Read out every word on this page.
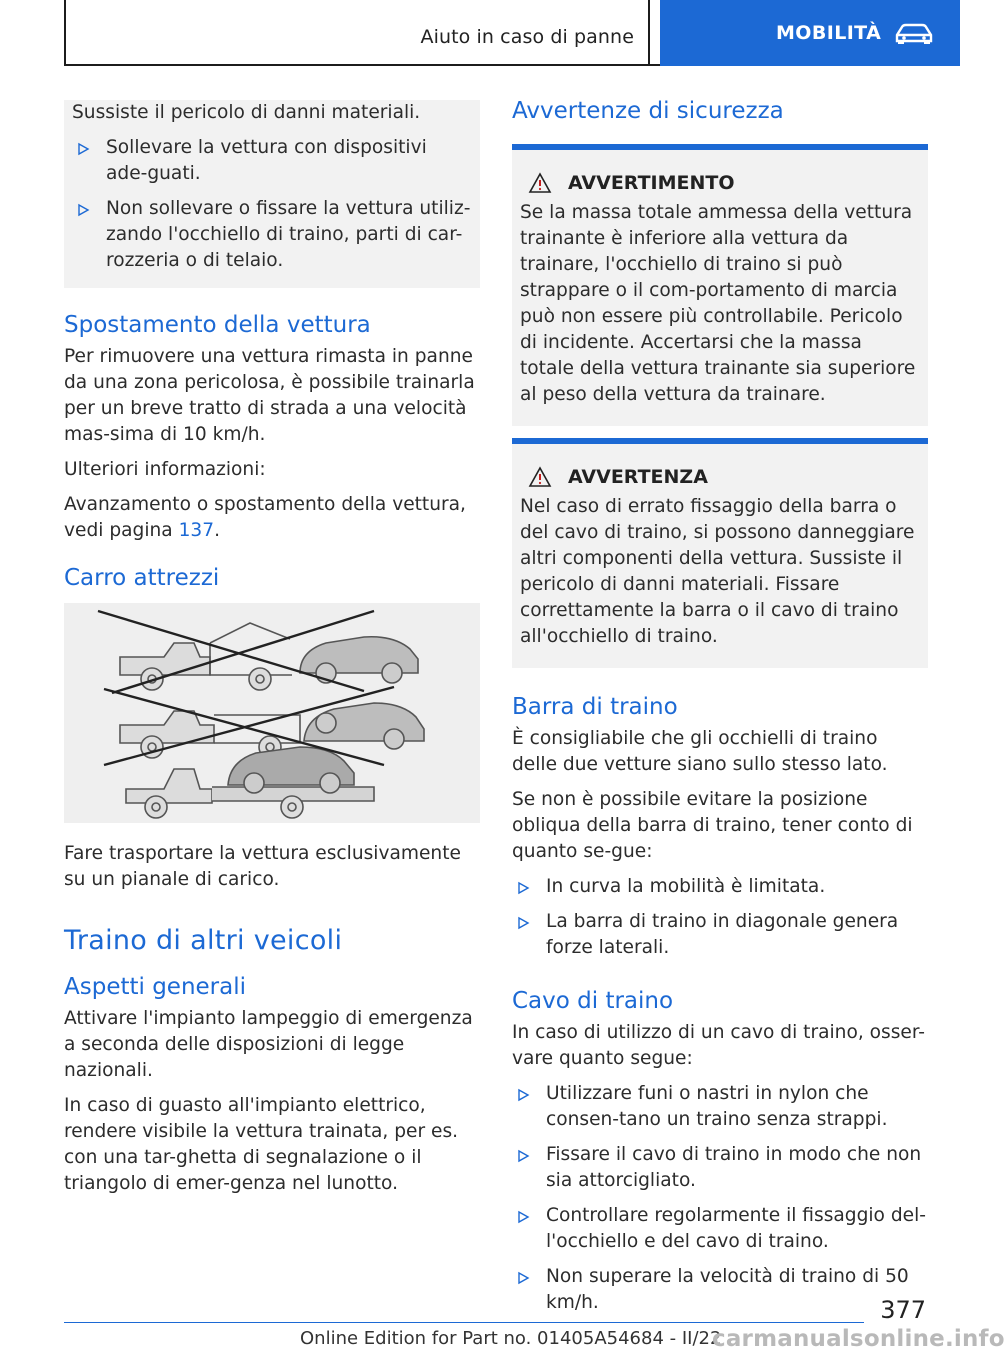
Aiuto in caso di panne	MOBILITÀ

Sussiste il pericolo di danni materiali.

Sollevare la vettura con dispositivi ade-guati.
Non sollevare o fissare la vettura utiliz-zando l'occhiello di traino, parti di car-rozzeria o di telaio.
Spostamento della vettura

Per rimuovere una vettura rimasta in panne da una zona pericolosa, è possibile trainarla per un breve tratto di strada a una velocità mas-sima di 10 km/h.

Ulteriori informazioni:

Avanzamento o spostamento della vettura, vedi pagina 137.

Carro attrezzi

Fare trasportare la vettura esclusivamente su un pianale di carico.

Traino di altri veicoli
Aspetti generali

Attivare l'impianto lampeggio di emergenza a seconda delle disposizioni di legge nazionali.

In caso di guasto all'impianto elettrico, rendere visibile la vettura trainata, per es. con una tar-ghetta di segnalazione o il triangolo di emer-genza nel lunotto.

Avvertenze di sicurezza
AVVERTIMENTO

Se la massa totale ammessa della vettura trainante è inferiore alla vettura da trainare, l'occhiello di traino si può strappare o il com-portamento di marcia può non essere più controllabile. Pericolo di incidente. Accertarsi che la massa totale della vettura trainante sia superiore al peso della vettura da trainare.

AVVERTENZA

Nel caso di errato fissaggio della barra o del cavo di traino, si possono danneggiare altri componenti della vettura. Sussiste il pericolo di danni materiali. Fissare correttamente la barra o il cavo di traino all'occhiello di traino.

Barra di traino

È consigliabile che gli occhielli di traino delle due vetture siano sullo stesso lato.

Se non è possibile evitare la posizione obliqua della barra di traino, tener conto di quanto se-gue:

In curva la mobilità è limitata.
La barra di traino in diagonale genera forze laterali.
Cavo di traino

In caso di utilizzo di un cavo di traino, osser-vare quanto segue:

Utilizzare funi o nastri in nylon che consen-tano un traino senza strappi.
Fissare il cavo di traino in modo che non sia attorcigliato.
Controllare regolarmente il fissaggio del-l'occhiello e del cavo di traino.
Non superare la velocità di traino di 50 km/h.	377
Online Edition for Part no. 01405A54684 - II/22
carmanualsonline.info
